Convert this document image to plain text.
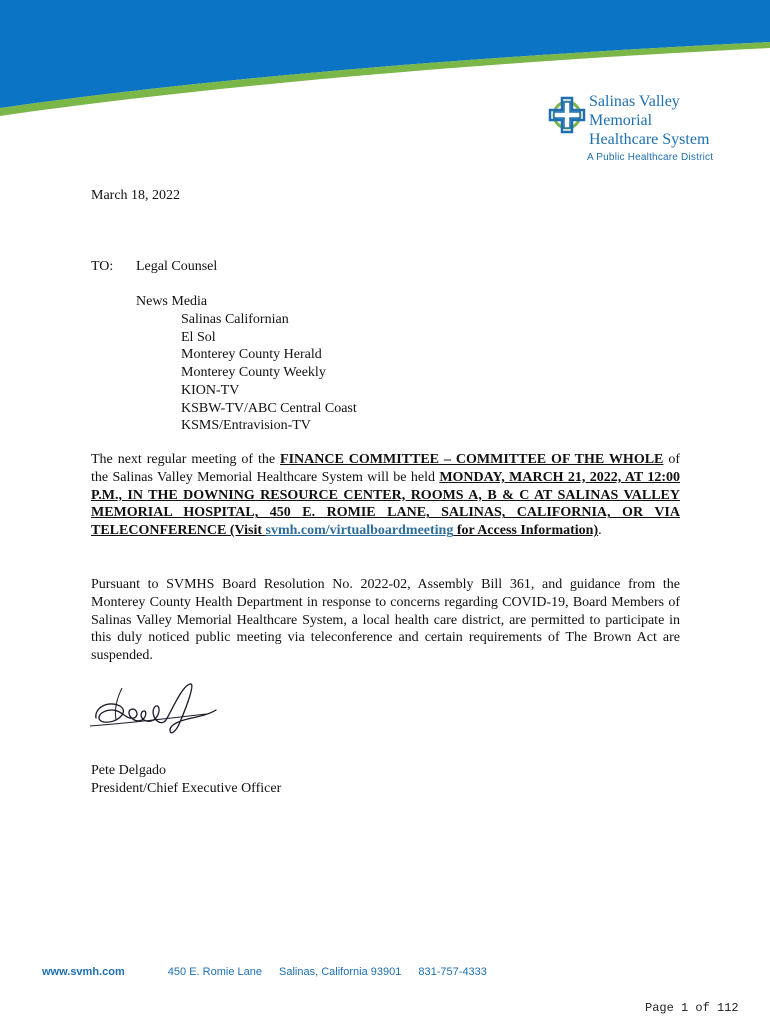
Salinas Valley
Memorial
Healthcare System
A Public Healthcare District
March 18, 2022
TO: Legal Counsel
News Media
Salinas Californian
El Sol
Monterey County Herald
Monterey County Weekly
KION-TV
KSBW-TV/ABC Central Coast
KSMS/Entravision-TV

The next regular meeting of the FINANCE COMMITTEE – COMMITTEE OF THE WHOLE of the Salinas Valley Memorial Healthcare System will be held MONDAY, MARCH 21, 2022, AT 12:00 P.M., IN THE DOWNING RESOURCE CENTER, ROOMS A, B & C AT SALINAS VALLEY MEMORIAL HOSPITAL, 450 E. ROMIE LANE, SALINAS, CALIFORNIA, OR VIA TELECONFERENCE (Visit svmh.com/virtualboardmeeting for Access Information).

Pursuant to SVMHS Board Resolution No. 2022-02, Assembly Bill 361, and guidance from the Monterey County Health Department in response to concerns regarding COVID-19, Board Members of Salinas Valley Memorial Healthcare System, a local health care district, are permitted to participate in this duly noticed public meeting via teleconference and certain requirements of The Brown Act are suspended.

Pete Delgado
President/Chief Executive Officer
www.svmh.com	450 E. Romie Lane Salinas, California 93901 831-757-4333
Page 1 of 112
